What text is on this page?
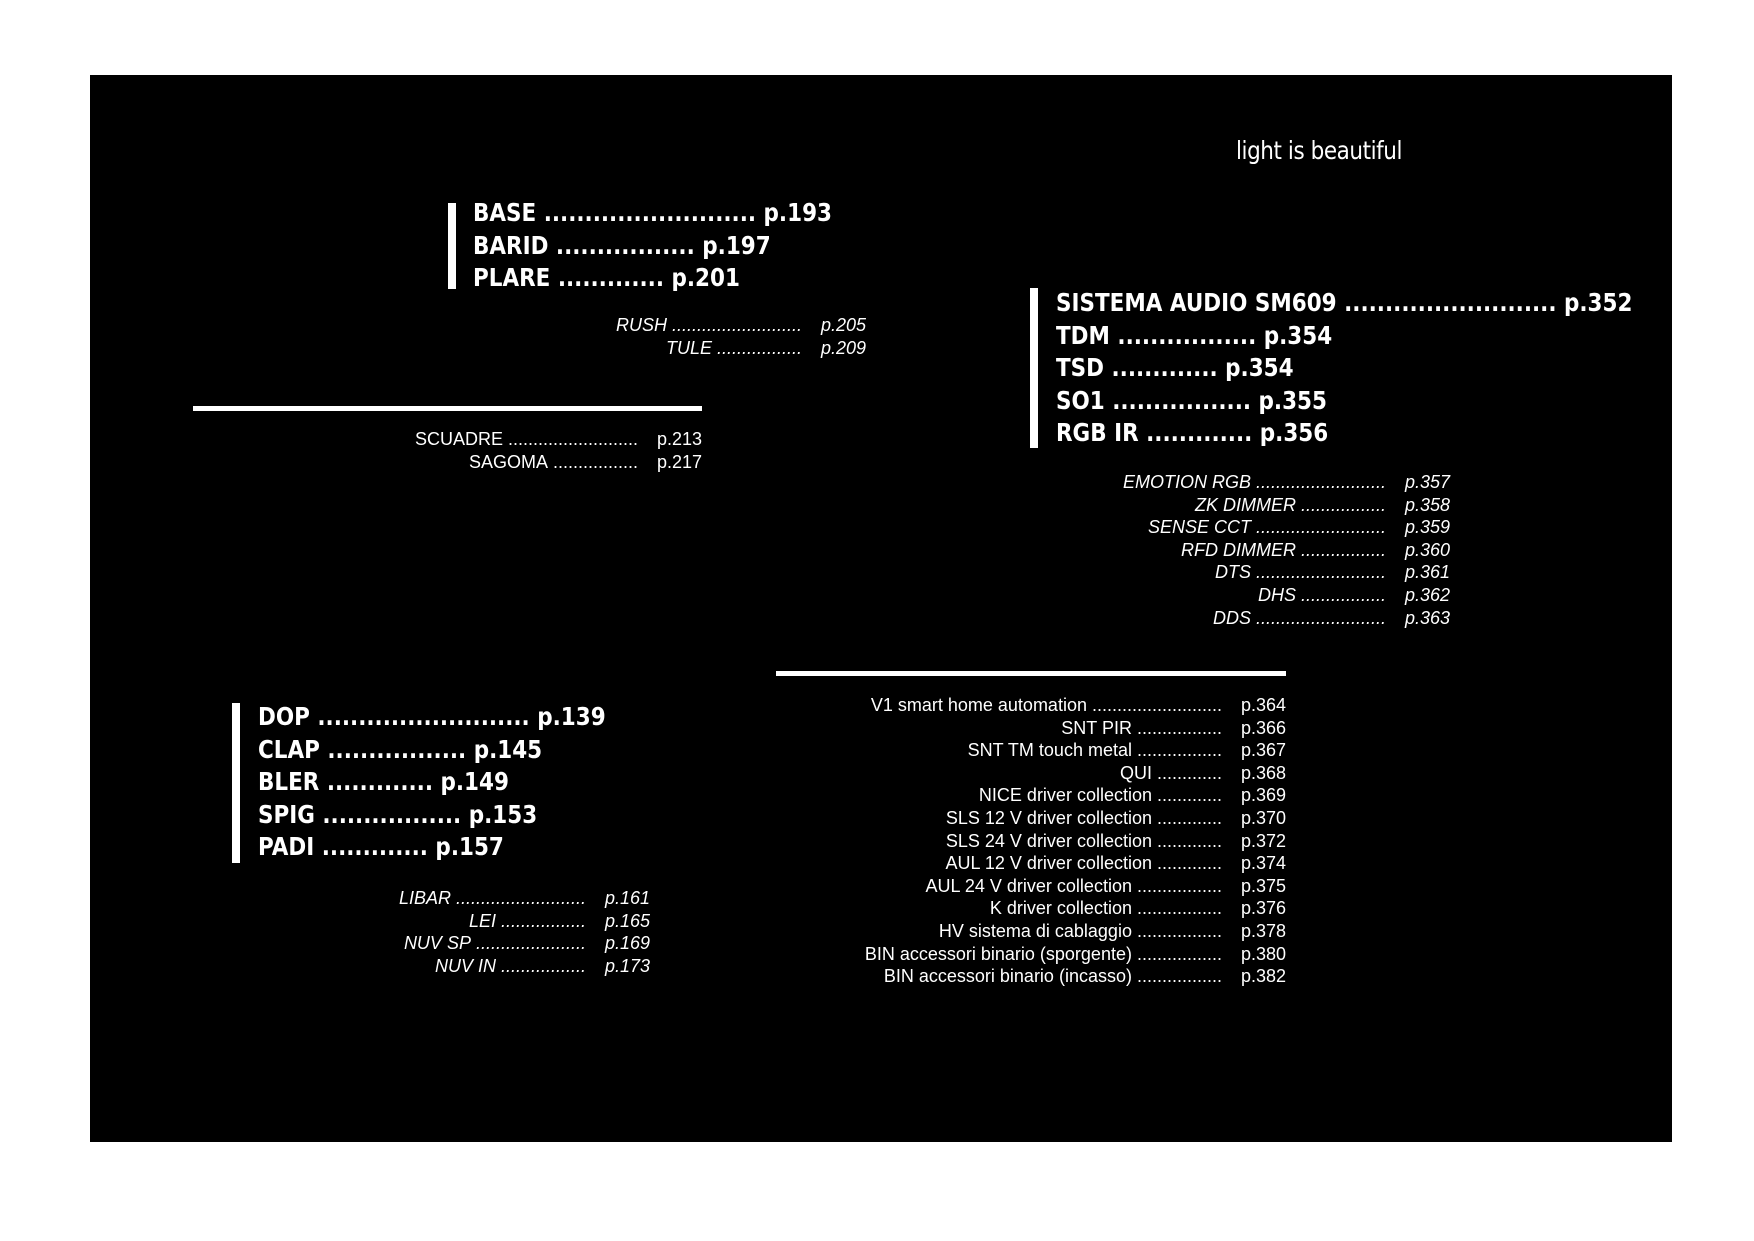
light is beautiful
BASE .......................... p.193
BARID ................. p.197
PLARE ............. p.201
RUSH ..........................	p.205
TULE .................	p.209
SCUADRE ..........................	p.213
SAGOMA .................	p.217
SISTEMA AUDIO SM609 .......................... p.352
TDM ................. p.354
TSD ............. p.354
SO1 ................. p.355
RGB IR ............. p.356
EMOTION RGB ..........................	p.357
ZK DIMMER .................	p.358
SENSE CCT ..........................	p.359
RFD DIMMER .................	p.360
DTS ..........................	p.361
DHS .................	p.362
DDS ..........................	p.363
DOP .......................... p.139
CLAP ................. p.145
BLER ............. p.149
SPIG ................. p.153
PADI ............. p.157
LIBAR ..........................	p.161
LEI .................	p.165
NUV SP ......................	p.169
NUV IN .................	p.173
V1 smart home automation ..........................	p.364
SNT PIR .................	p.366
SNT TM touch metal .................	p.367
QUI .............	p.368
NICE driver collection .............	p.369
SLS 12 V driver collection .............	p.370
SLS 24 V driver collection .............	p.372
AUL 12 V driver collection .............	p.374
AUL 24 V driver collection .................	p.375
K driver collection .................	p.376
HV sistema di cablaggio .................	p.378
BIN accessori binario (sporgente) .................	p.380
BIN accessori binario (incasso) .................	p.382
